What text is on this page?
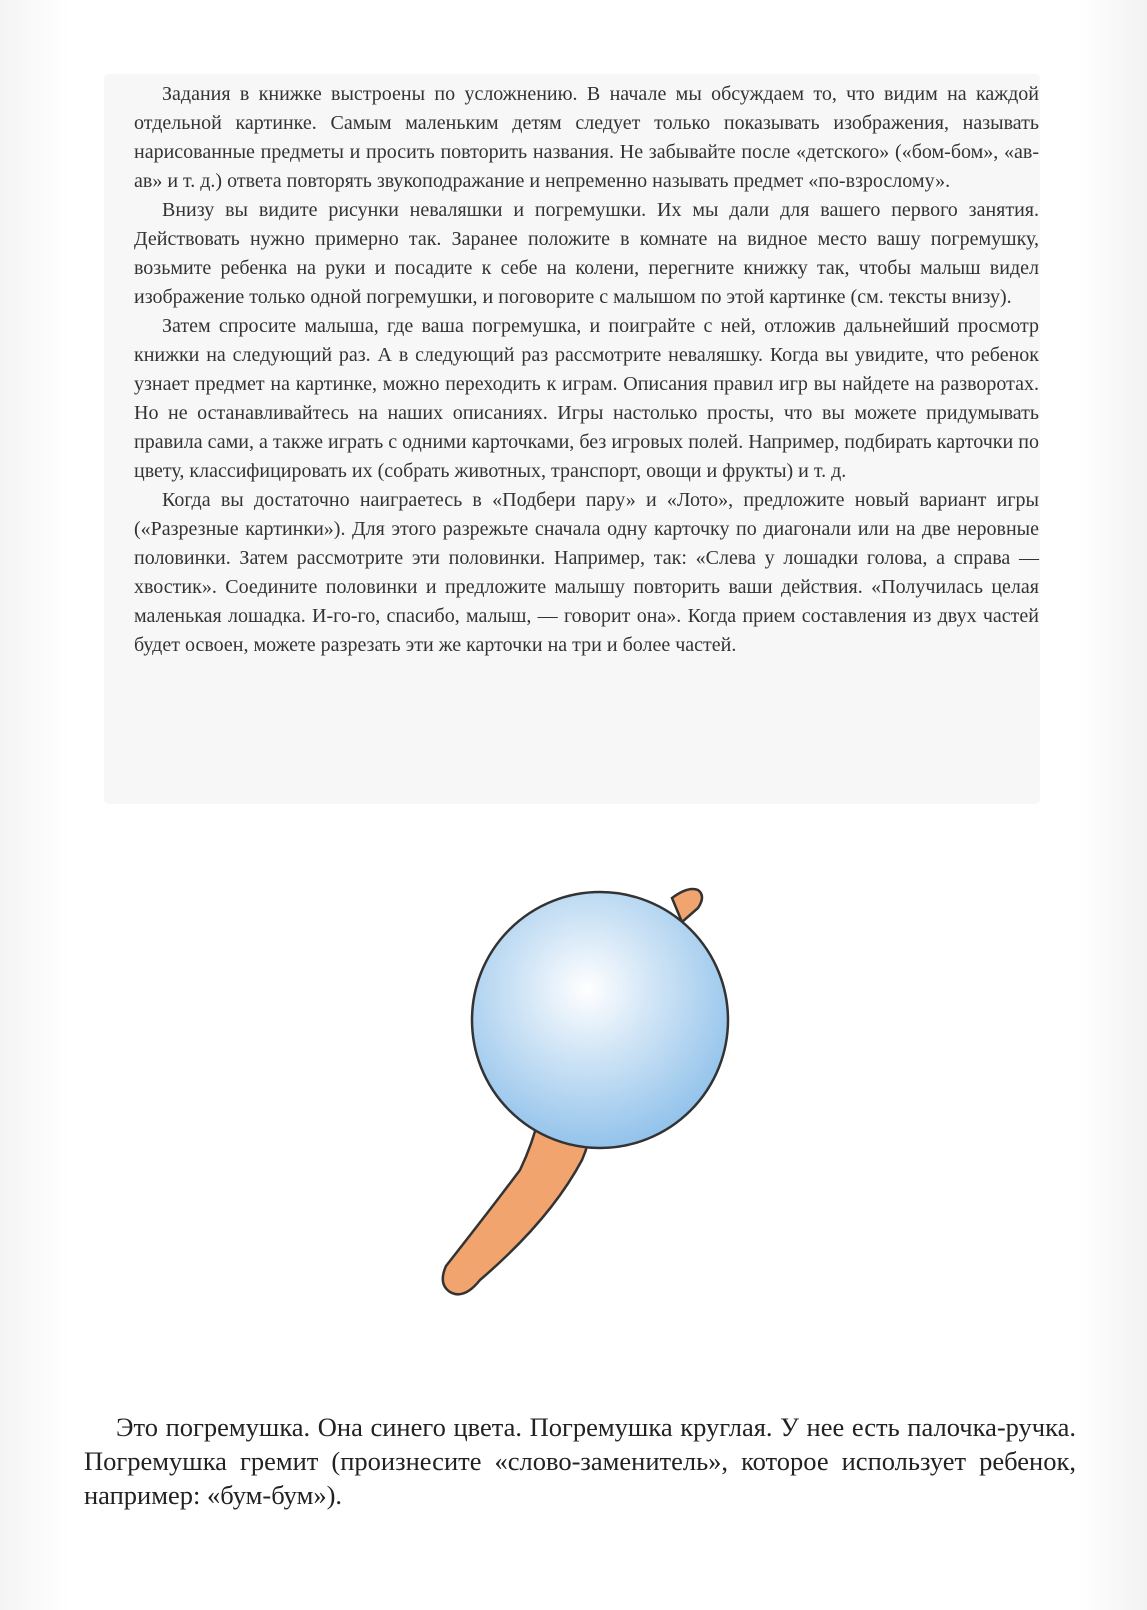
Задания в книжке выстроены по усложнению. В начале мы обсуждаем то, что видим на каждой отдельной картинке. Самым маленьким детям следует только показывать изображения, называть нарисованные предметы и просить повторить названия. Не забывайте после «детского» («бом-бом», «ав-ав» и т. д.) ответа повторять звукоподражание и непременно называть предмет «по-взрослому».

Внизу вы видите рисунки неваляшки и погремушки. Их мы дали для вашего первого занятия. Действовать нужно примерно так. Заранее положите в комнате на видное место вашу погремушку, возьмите ребенка на руки и посадите к себе на колени, перегните книжку так, чтобы малыш видел изображение только одной погремушки, и поговорите с малышом по этой картинке (см. тексты внизу).

Затем спросите малыша, где ваша погремушка, и поиграйте с ней, отложив дальнейший просмотр книжки на следующий раз. А в следующий раз рассмотрите неваляшку. Когда вы увидите, что ребенок узнает предмет на картинке, можно переходить к играм. Описания правил игр вы найдете на разворотах. Но не останавливайтесь на наших описаниях. Игры настолько просты, что вы можете придумывать правила сами, а также играть с одними карточками, без игровых полей. Например, подбирать карточки по цвету, классифицировать их (собрать животных, транспорт, овощи и фрукты) и т. д.

Когда вы достаточно наиграетесь в «Подбери пару» и «Лото», предложите новый вариант игры («Разрезные картинки»). Для этого разрежьте сначала одну карточку по диагонали или на две неровные половинки. Затем рассмотрите эти половинки. Например, так: «Слева у лошадки голова, а справа — хвостик». Соедините половинки и предложите малышу повторить ваши действия. «Получилась целая маленькая лошадка. И-го-го, спасибо, малыш, — говорит она». Когда прием составления из двух частей будет освоен, можете разрезать эти же карточки на три и более частей.

Это погремушка. Она синего цвета. Погремушка круглая. У нее есть палочка-ручка. Погремушка гремит (произнесите «слово-заменитель», которое использует ребенок, например: «бум-бум»).
